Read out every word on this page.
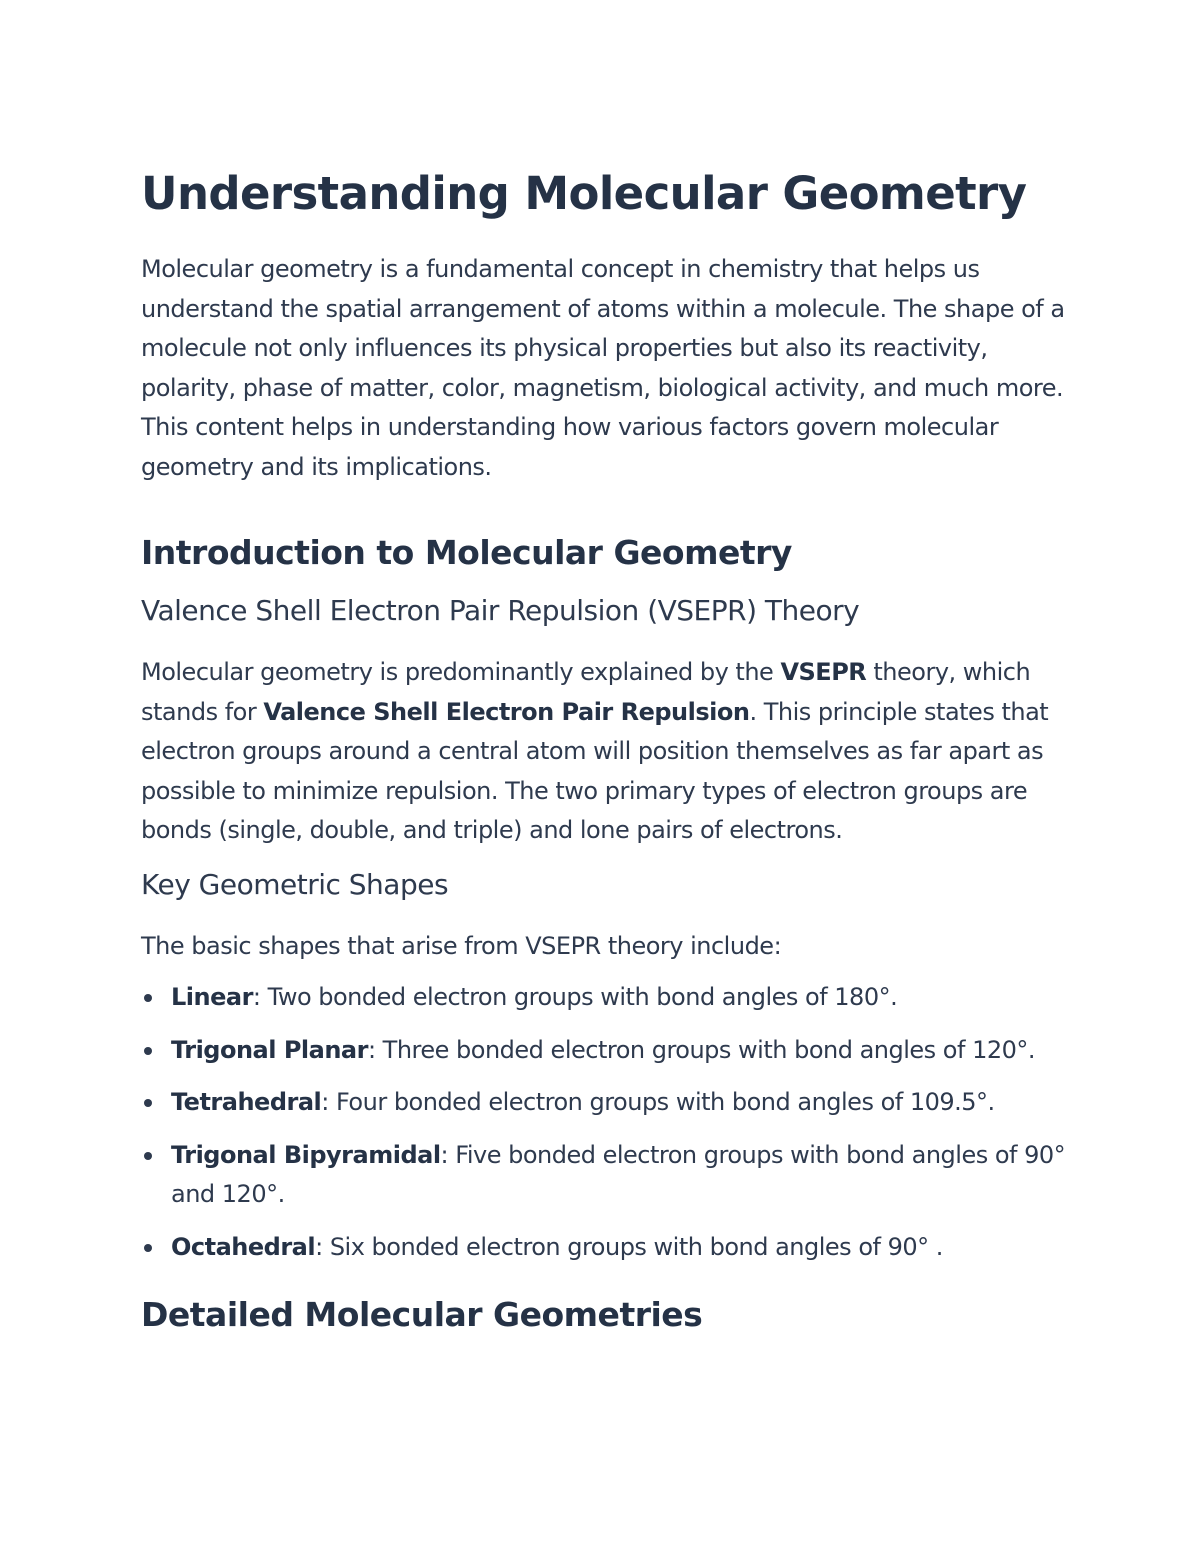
Understanding Molecular Geometry

Molecular geometry is a fundamental concept in chemistry that helps us understand the spatial arrangement of atoms within a molecule. The shape of a molecule not only influences its physical properties but also its reactivity, polarity, phase of matter, color, magnetism, biological activity, and much more. This content helps in understanding how various factors govern molecular geometry and its implications.

Introduction to Molecular Geometry
Valence Shell Electron Pair Repulsion (VSEPR) Theory

Molecular geometry is predominantly explained by the VSEPR theory, which stands for Valence Shell Electron Pair Repulsion. This principle states that electron groups around a central atom will position themselves as far apart as possible to minimize repulsion. The two primary types of electron groups are bonds (single, double, and triple) and lone pairs of electrons.

Key Geometric Shapes

The basic shapes that arise from VSEPR theory include:

Linear: Two bonded electron groups with bond angles of 180°.
Trigonal Planar: Three bonded electron groups with bond angles of 120°.
Tetrahedral: Four bonded electron groups with bond angles of 109.5°.
Trigonal Bipyramidal: Five bonded electron groups with bond angles of 90° and 120°.
Octahedral: Six bonded electron groups with bond angles of 90° .
Detailed Molecular Geometries
